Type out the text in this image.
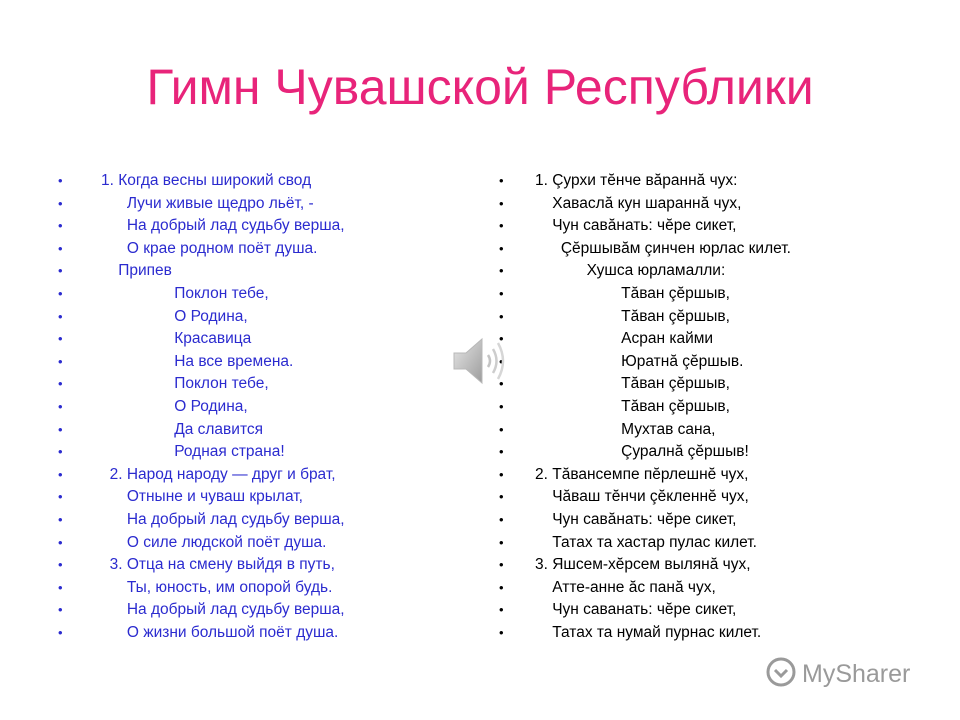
Гимн Чувашской Республики
• 1. Когда весны широкий свод
• Лучи живые щедро льёт, -
• На добрый лад судьбу верша,
• О крае родном поёт душа.
• Припев
• Поклон тебе,
• О Родина,
• Красавица
• На все времена.
• Поклон тебе,
• О Родина,
• Да славится
• Родная страна!
• 2. Народ народу — друг и брат,
• Отныне и чуваш крылат,
• На добрый лад судьбу верша,
• О силе людской поёт душа.
• 3. Отца на смену выйдя в путь,
• Ты, юность, им опорой будь.
• На добрый лад судьбу верша,
• О жизни большой поёт душа.
• 1. Çурхи тĕнче вăраннă чух:
• Хаваслă кун шараннă чух,
• Чун савăнать: чĕре сикет,
• Çĕршывăм çинчен юрлас килет.
• Хушса юрламалли:
• Тăван çĕршыв,
• Тăван çĕршыв,
• Асран кайми
• Юратнă çĕршыв.
• Тăван çĕршыв,
• Тăван çĕршыв,
• Мухтав сана,
• Çуралнă çĕршыв!
• 2. Тăвансемпе пĕрлешнĕ чух,
• Чăваш тĕнчи çĕкленнĕ чух,
• Чун савăнать: чĕре сикет,
• Татах та хастар пулас килет.
• 3. Яшсем-хĕрсем вылянă чух,
• Атте-анне ăс панă чух,
• Чун саванать: чĕре сикет,
• Татах та нумай пурнас килет.
MySharer
